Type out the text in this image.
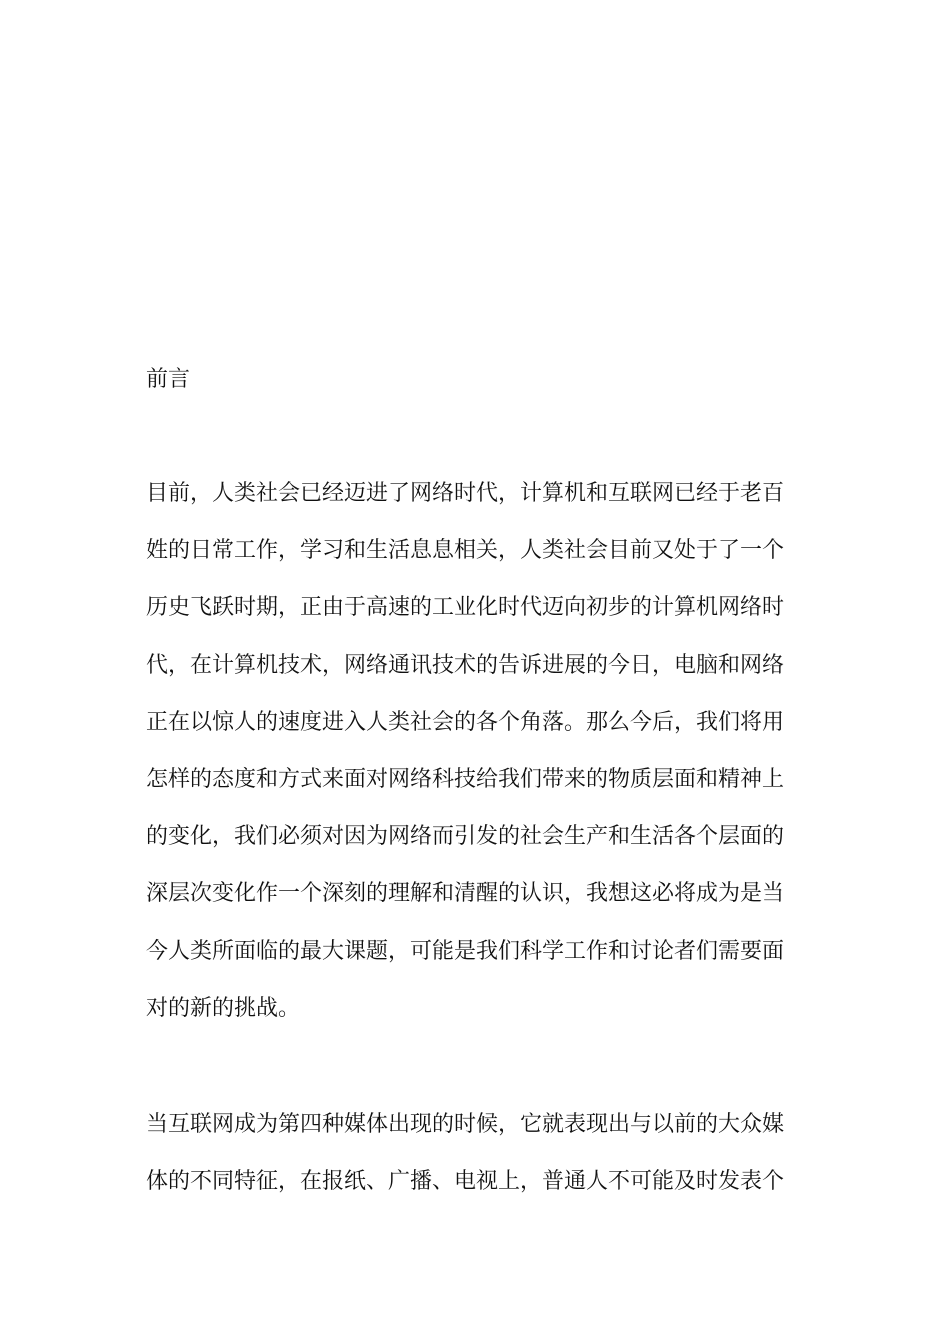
前言
目前，人类社会已经迈进了网络时代，计算机和互联网已经于老百
姓的日常工作，学习和生活息息相关，人类社会目前又处于了一个
历史飞跃时期，正由于高速的工业化时代迈向初步的计算机网络时
代，在计算机技术，网络通讯技术的告诉进展的今日，电脑和网络
正在以惊人的速度进入人类社会的各个角落。那么今后，我们将用
怎样的态度和方式来面对网络科技给我们带来的物质层面和精神上
的变化，我们必须对因为网络而引发的社会生产和生活各个层面的
深层次变化作一个深刻的理解和清醒的认识，我想这必将成为是当
今人类所面临的最大课题，可能是我们科学工作和讨论者们需要面
对的新的挑战。
当互联网成为第四种媒体出现的时候，它就表现出与以前的大众媒
体的不同特征，在报纸、广播、电视上，普通人不可能及时发表个
